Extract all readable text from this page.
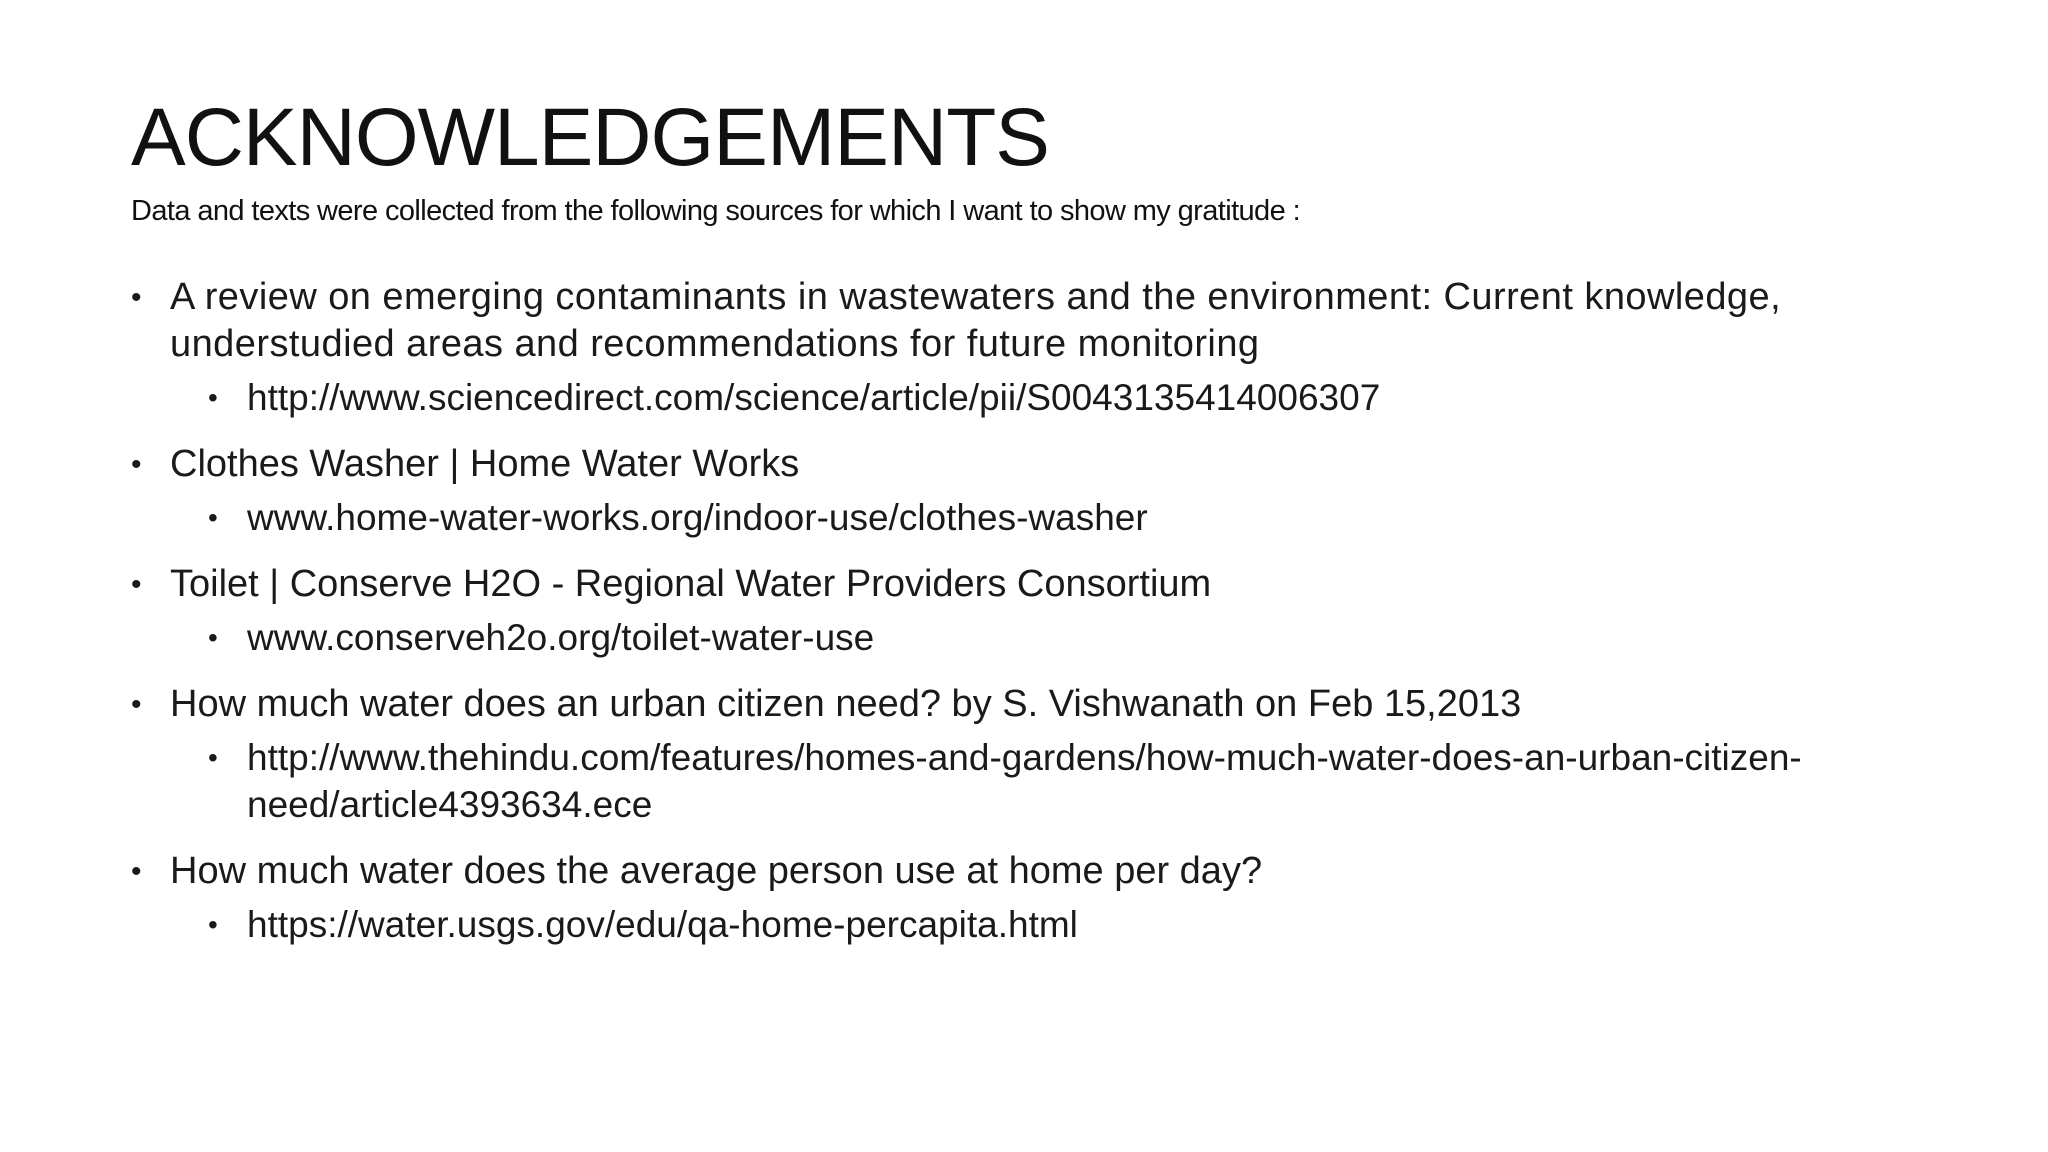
ACKNOWLEDGEMENTS

Data and texts were collected from the following sources for which I want to show my gratitude :

• A review on emerging contaminants in wastewaters and the environment: Current knowledge, understudied areas and recommendations for future monitoring
• http://www.sciencedirect.com/science/article/pii/S0043135414006307
• Clothes Washer | Home Water Works
• www.home-water-works.org/indoor-use/clothes-washer
• Toilet | Conserve H2O - Regional Water Providers Consortium
• www.conserveh2o.org/toilet-water-use
• How much water does an urban citizen need? by S. Vishwanath on Feb 15,2013
• http://www.thehindu.com/features/homes-and-gardens/how-much-water-does-an-urban-citizen-need/article4393634.ece
• How much water does the average person use at home per day?
• https://water.usgs.gov/edu/qa-home-percapita.html
